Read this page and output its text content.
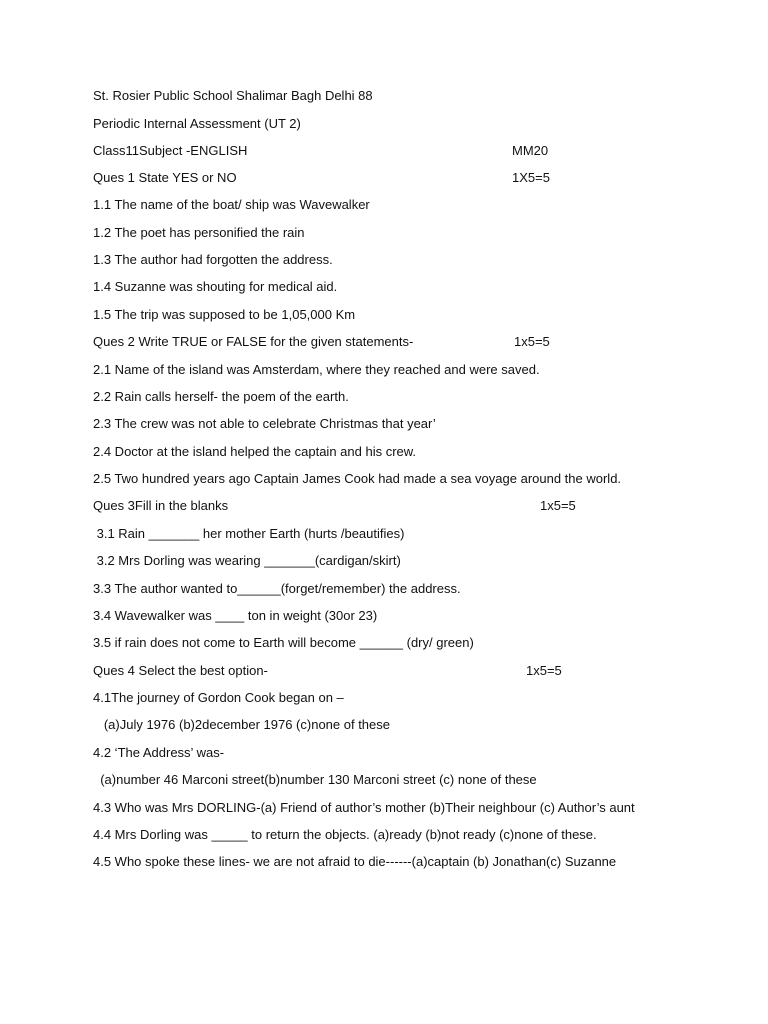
St. Rosier Public School Shalimar Bagh Delhi 88
Periodic Internal Assessment (UT 2)
Class11Subject -ENGLISH	MM20
Ques 1 State YES or NO	1X5=5
1.1 The name of the boat/ ship was Wavewalker
1.2 The poet has personified the rain
1.3 The author had forgotten the address.
1.4 Suzanne was shouting for medical aid.
1.5 The trip was supposed to be 1,05,000 Km
Ques 2 Write TRUE or FALSE for the given statements-	1x5=5
2.1 Name of the island was Amsterdam, where they reached and were saved.
2.2 Rain calls herself- the poem of the earth.
2.3 The crew was not able to celebrate Christmas that year’
2.4 Doctor at the island helped the captain and his crew.
2.5 Two hundred years ago Captain James Cook had made a sea voyage around the world.
Ques 3Fill in the blanks	1x5=5
3.1 Rain _______ her mother Earth (hurts /beautifies)
3.2 Mrs Dorling was wearing _______(cardigan/skirt)
3.3 The author wanted to______(forget/remember) the address.
3.4 Wavewalker was ____ ton in weight (30or 23)
3.5 if rain does not come to Earth will become ______ (dry/ green)
Ques 4 Select the best option-	1x5=5
4.1The journey of Gordon Cook began on –
(a)July 1976 (b)2december 1976 (c)none of these
4.2 ‘The Address’ was-
(a)number 46 Marconi street(b)number 130 Marconi street (c) none of these
4.3 Who was Mrs DORLING-(a) Friend of author’s mother (b)Their neighbour (c) Author’s aunt
4.4 Mrs Dorling was _____ to return the objects. (a)ready (b)not ready (c)none of these.
4.5 Who spoke these lines- we are not afraid to die------(a)captain (b) Jonathan(c) Suzanne
